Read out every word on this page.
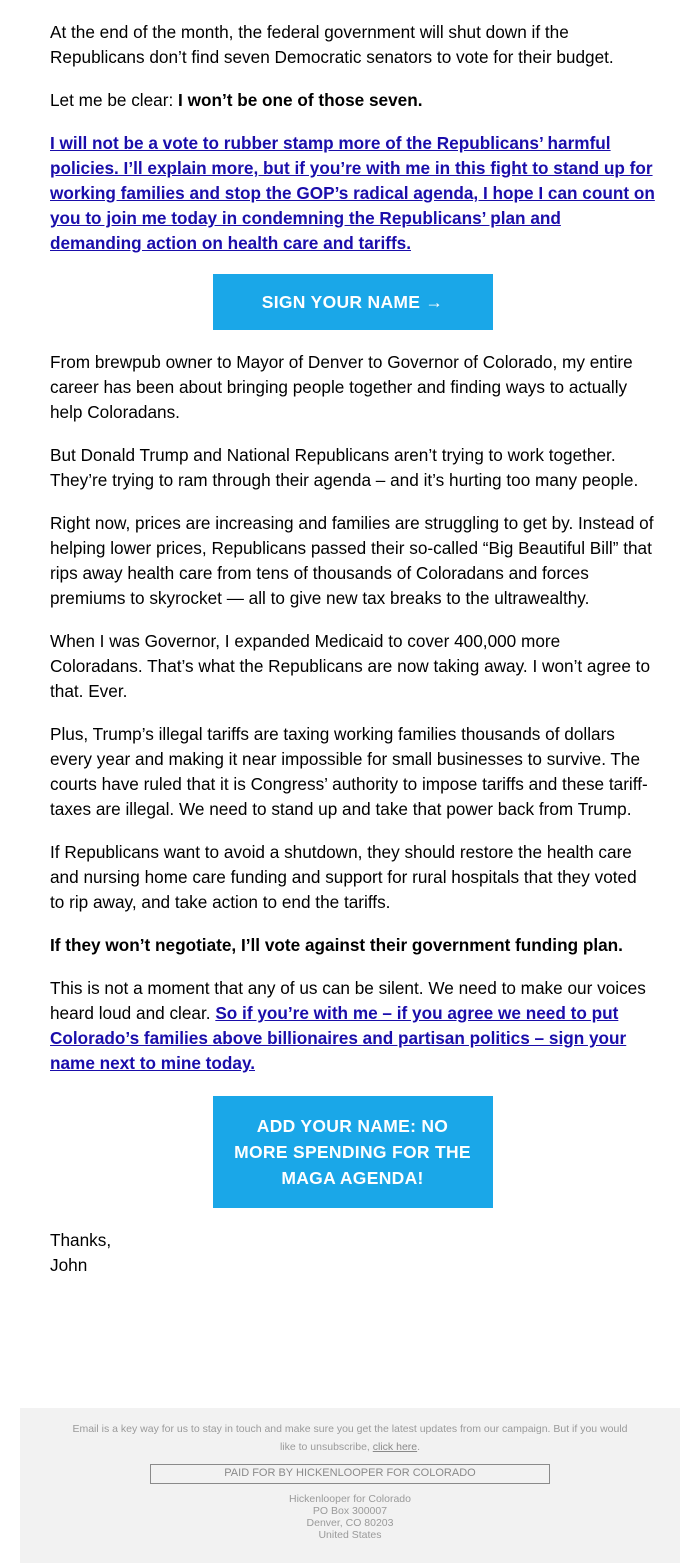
At the end of the month, the federal government will shut down if the Republicans don’t find seven Democratic senators to vote for their budget.

Let me be clear: I won’t be one of those seven.

I will not be a vote to rubber stamp more of the Republicans’ harmful policies. I’ll explain more, but if you’re with me in this fight to stand up for working families and stop the GOP’s radical agenda, I hope I can count on you to join me today in condemning the Republicans’ plan and demanding action on health care and tariffs.

SIGN YOUR NAME →

From brewpub owner to Mayor of Denver to Governor of Colorado, my entire career has been about bringing people together and finding ways to actually help Coloradans.

But Donald Trump and National Republicans aren’t trying to work together. They’re trying to ram through their agenda – and it’s hurting too many people.

Right now, prices are increasing and families are struggling to get by. Instead of helping lower prices, Republicans passed their so-called “Big Beautiful Bill” that rips away health care from tens of thousands of Coloradans and forces premiums to skyrocket — all to give new tax breaks to the ultrawealthy.

When I was Governor, I expanded Medicaid to cover 400,000 more Coloradans. That’s what the Republicans are now taking away. I won’t agree to that. Ever.

Plus, Trump’s illegal tariffs are taxing working families thousands of dollars every year and making it near impossible for small businesses to survive. The courts have ruled that it is Congress’ authority to impose tariffs and these tariff-taxes are illegal. We need to stand up and take that power back from Trump.

If Republicans want to avoid a shutdown, they should restore the health care and nursing home care funding and support for rural hospitals that they voted to rip away, and take action to end the tariffs.

If they won’t negotiate, I’ll vote against their government funding plan.

This is not a moment that any of us can be silent. We need to make our voices heard loud and clear. So if you’re with me – if you agree we need to put Colorado’s families above billionaires and partisan politics – sign your name next to mine today.

ADD YOUR NAME: NO MORE SPENDING FOR THE MAGA AGENDA!
Thanks,
John
Email is a key way for us to stay in touch and make sure you get the latest updates from our campaign. But if you would like to unsubscribe, click here.
PAID FOR BY HICKENLOOPER FOR COLORADO
Hickenlooper for Colorado
PO Box 300007
Denver, CO 80203
United States
